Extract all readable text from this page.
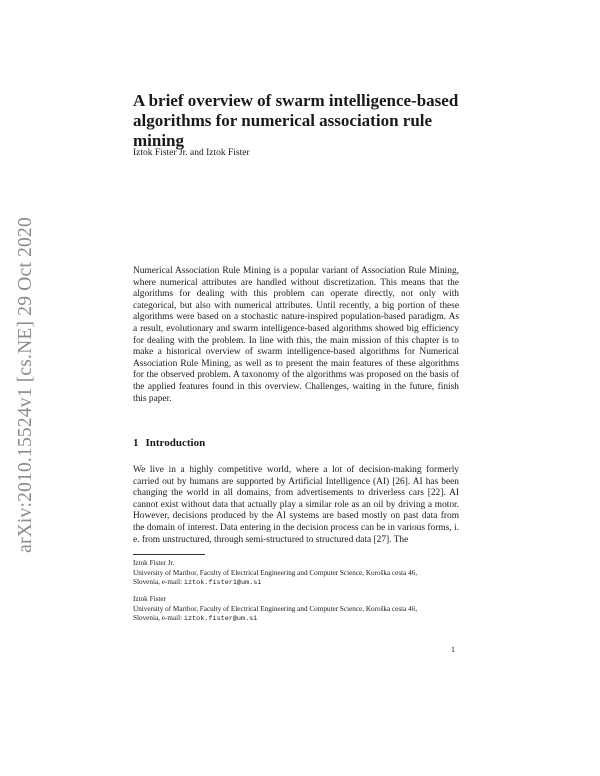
arXiv:2010.15524v1 [cs.NE] 29 Oct 2020
A brief overview of swarm intelligence-based algorithms for numerical association rule mining

Iztok Fister Jr. and Iztok Fister

Numerical Association Rule Mining is a popular variant of Association Rule Mining, where numerical attributes are handled without discretization. This means that the algorithms for dealing with this problem can operate directly, not only with categorical, but also with numerical attributes. Until recently, a big portion of these algorithms were based on a stochastic nature-inspired population-based paradigm. As a result, evolutionary and swarm intelligence-based algorithms showed big efficiency for dealing with the problem. In line with this, the main mission of this chapter is to make a historical overview of swarm intelligence-based algorithms for Numerical Association Rule Mining, as well as to present the main features of these algorithms for the observed problem. A taxonomy of the algorithms was proposed on the basis of the applied features found in this overview. Challenges, waiting in the future, finish this paper.

1 Introduction

We live in a highly competitive world, where a lot of decision-making formerly carried out by humans are supported by Artificial Intelligence (AI) [26]. AI has been changing the world in all domains, from advertisements to driverless cars [22]. AI cannot exist without data that actually play a similar role as an oil by driving a motor. However, decisions produced by the AI systems are based mostly on past data from the domain of interest. Data entering in the decision process can be in various forms, i. e. from unstructured, through semi-structured to structured data [27]. The

Iztok Fister Jr.
University of Maribor, Faculty of Electrical Engineering and Computer Science, Koroška cesta 46,
Slovenia, e-mail: iztok.fister1@um.si
Iztok Fister
University of Maribor, Faculty of Electrical Engineering and Computer Science, Koroška cesta 46,
Slovenia, e-mail: iztok.fister@um.si
1
